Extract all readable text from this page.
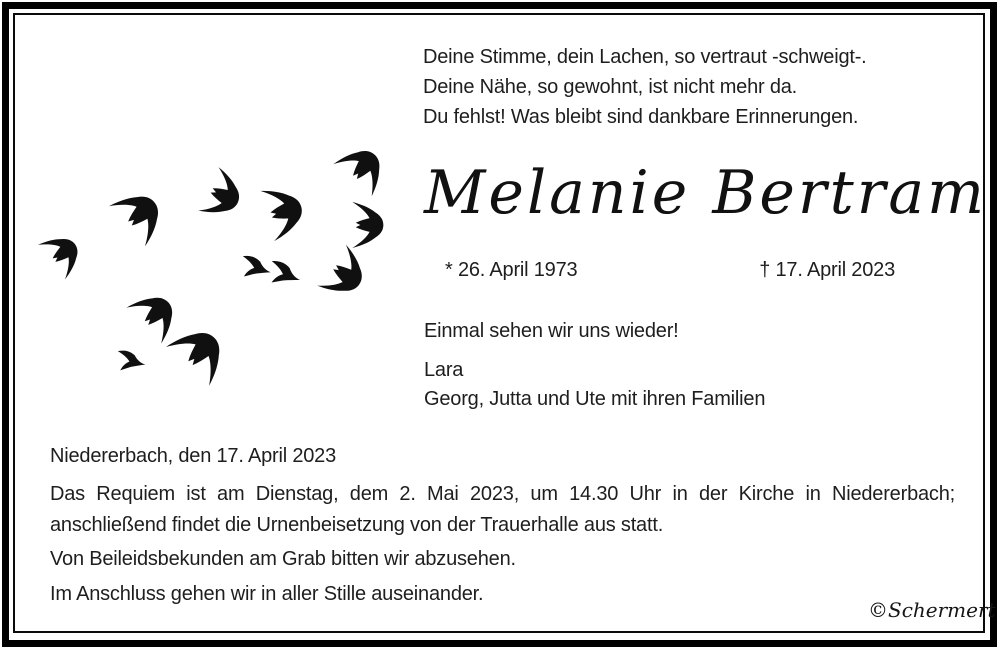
Deine Stimme, dein Lachen, so vertraut -schweigt-.
Deine Nähe, so gewohnt, ist nicht mehr da.
Du fehlst! Was bleibt sind dankbare Erinnerungen.
Melanie Bertram
* 26. April 1973	† 17. April 2023
Einmal sehen wir uns wieder!
Lara
Georg, Jutta und Ute mit ihren Familien
Niedererbach, den 17. April 2023
Das Requiem ist am Dienstag, dem 2. Mai 2023, um 14.30 Uhr in der Kirche in Niedererbach; anschließend findet die Urnenbeisetzung von der Trauerhalle aus statt.
Von Beileidsbekunden am Grab bitten wir abzusehen.
Im Anschluss gehen wir in aller Stille auseinander.
©Schermert
